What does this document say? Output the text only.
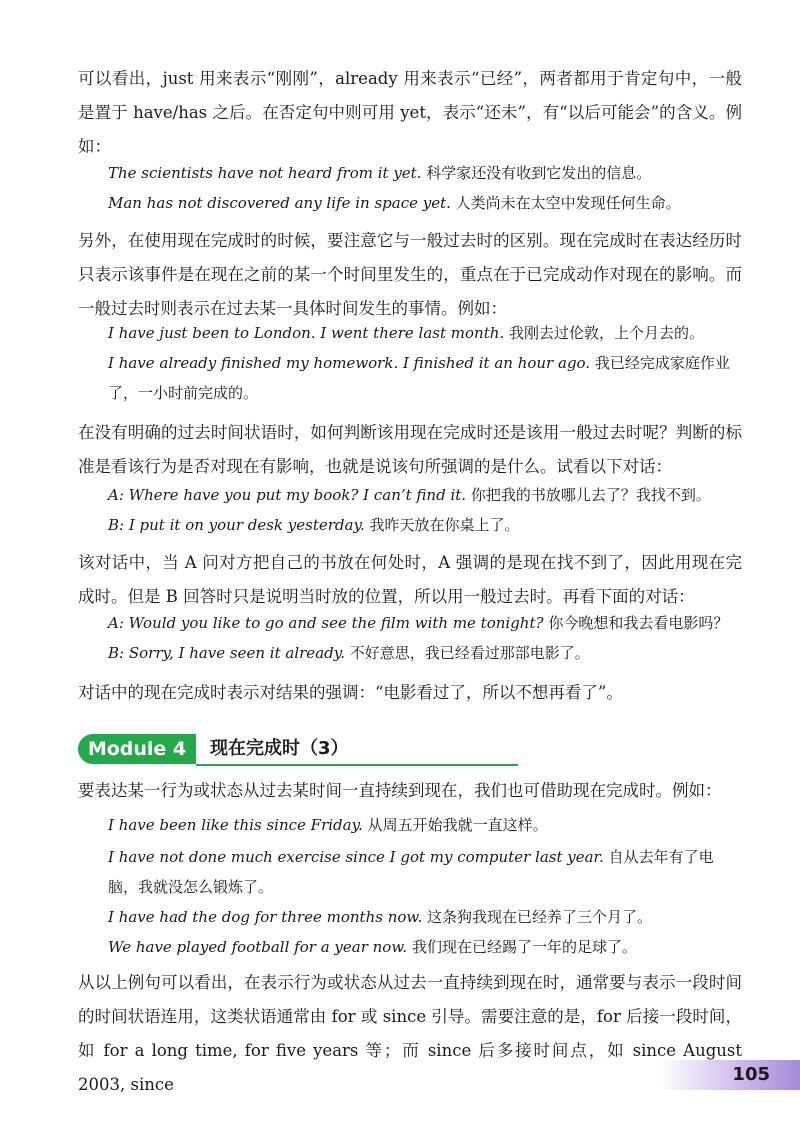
可以看出，just 用来表示“刚刚”，already 用来表示“已经”，两者都用于肯定句中，一般是置于 have/has 之后。在否定句中则可用 yet，表示“还未”，有“以后可能会”的含义。例如：

The scientists have not heard from it yet. 科学家还没有收到它发出的信息。
Man has not discovered any life in space yet. 人类尚未在太空中发现任何生命。

另外，在使用现在完成时的时候，要注意它与一般过去时的区别。现在完成时在表达经历时只表示该事件是在现在之前的某一个时间里发生的，重点在于已完成动作对现在的影响。而一般过去时则表示在过去某一具体时间发生的事情。例如：

I have just been to London. I went there last month. 我刚去过伦敦，上个月去的。
I have already finished my homework. I finished it an hour ago. 我已经完成家庭作业了，一小时前完成的。

在没有明确的过去时间状语时，如何判断该用现在完成时还是该用一般过去时呢？判断的标准是看该行为是否对现在有影响，也就是说该句所强调的是什么。试看以下对话：

A: Where have you put my book? I can’t find it. 你把我的书放哪儿去了？我找不到。
B: I put it on your desk yesterday. 我昨天放在你桌上了。

该对话中，当 A 问对方把自己的书放在何处时，A 强调的是现在找不到了，因此用现在完成时。但是 B 回答时只是说明当时放的位置，所以用一般过去时。再看下面的对话：

A: Would you like to go and see the film with me tonight? 你今晚想和我去看电影吗？
B: Sorry, I have seen it already. 不好意思，我已经看过那部电影了。

对话中的现在完成时表示对结果的强调：“电影看过了，所以不想再看了”。

Module 4	现在完成时（3）

要表达某一行为或状态从过去某时间一直持续到现在，我们也可借助现在完成时。例如：

I have been like this since Friday. 从周五开始我就一直这样。
I have not done much exercise since I got my computer last year. 自从去年有了电脑，我就没怎么锻炼了。
I have had the dog for three months now. 这条狗我现在已经养了三个月了。
We have played football for a year now. 我们现在已经踢了一年的足球了。

从以上例句可以看出，在表示行为或状态从过去一直持续到现在时，通常要与表示一段时间的时间状语连用，这类状语通常由 for 或 since 引导。需要注意的是，for 后接一段时间，如 for a long time, for five years 等；而 since 后多接时间点，如 since August 2003, since	105
